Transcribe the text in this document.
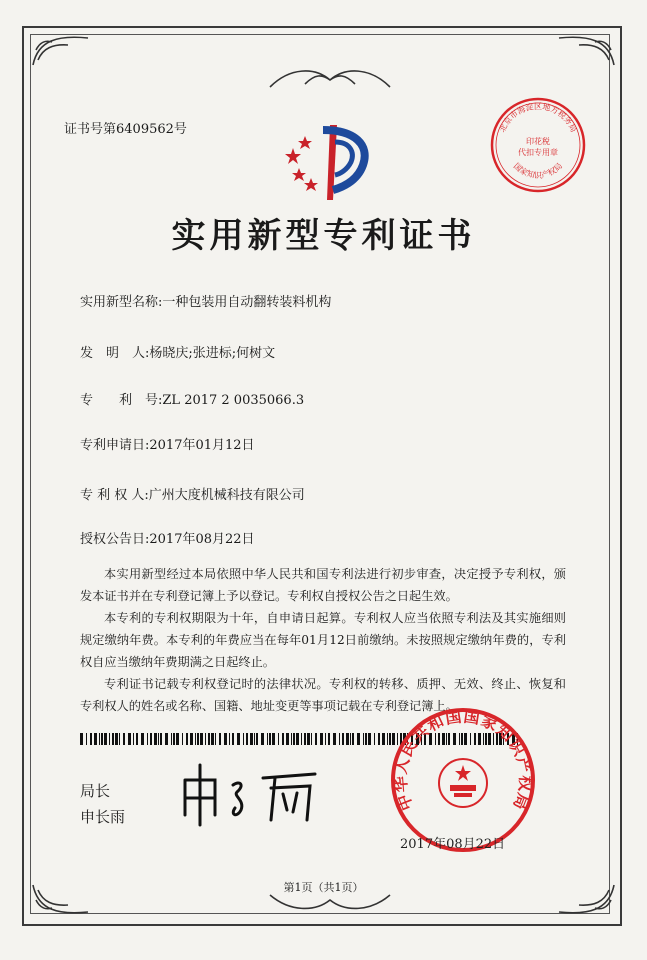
证书号第6409562号
实用新型专利证书
实用新型名称:一种包装用自动翻转装料机构
发　明　人:杨晓庆;张进标;何树文
专　　利　号:ZL 2017 2 0035066.3
专利申请日:2017年01月12日
专 利 权 人:广州大度机械科技有限公司
授权公告日:2017年08月22日

本实用新型经过本局依照中华人民共和国专利法进行初步审查，决定授予专利权，颁发本证书并在专利登记簿上予以登记。专利权自授权公告之日起生效。

本专利的专利权期限为十年，自申请日起算。专利权人应当依照专利法及其实施细则规定缴纳年费。本专利的年费应当在每年01月12日前缴纳。未按照规定缴纳年费的，专利权自应当缴纳年费期满之日起终止。

专利证书记载专利权登记时的法律状况。专利权的转移、质押、无效、终止、恢复和专利权人的姓名或名称、国籍、地址变更等事项记载在专利登记簿上。

局长
申长雨
北京市海淀区地方税务局
印花税
代扣专用章
国家知识产权局
中华人民共和国国家知识产权局
2017年08月22日
第1页（共1页）
